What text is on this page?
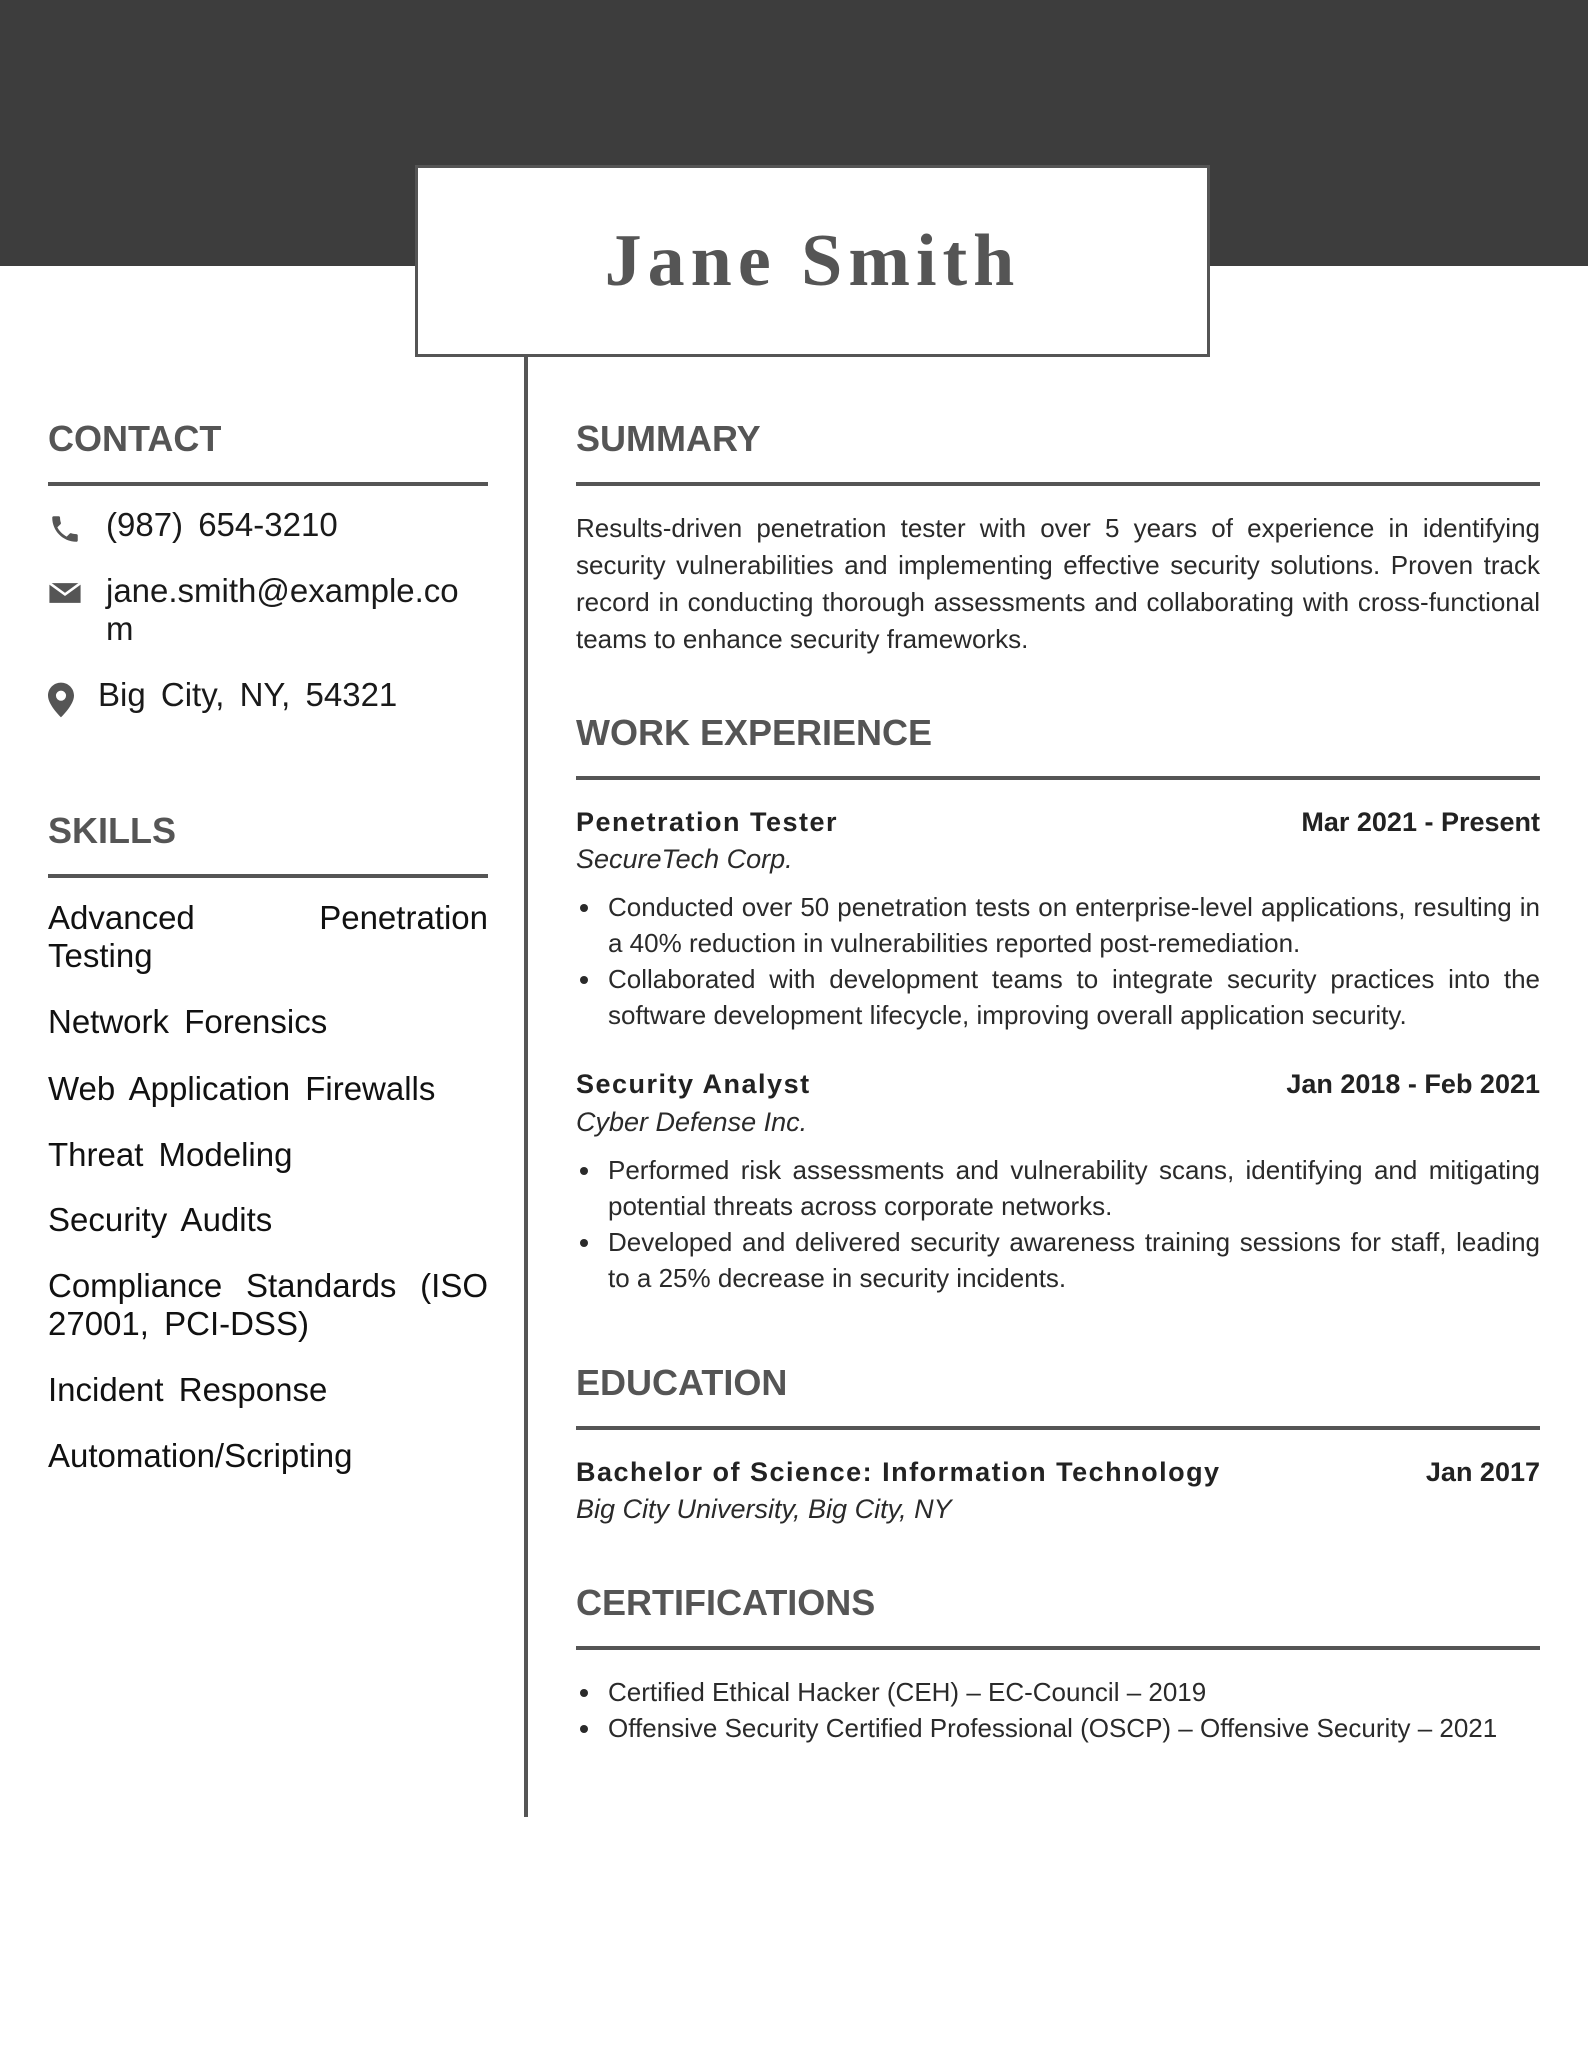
Jane Smith
CONTACT
(987) 654-3210
jane.smith@example.com
Big City, NY, 54321
SKILLS
Advanced Penetration Testing
Network Forensics
Web Application Firewalls
Threat Modeling
Security Audits
Compliance Standards (ISO 27001, PCI-DSS)
Incident Response
Automation/Scripting
SUMMARY
Results-driven penetration tester with over 5 years of experience in identifying security vulnerabilities and implementing effective security solutions. Proven track record in conducting thorough assessments and collaborating with cross-functional teams to enhance security frameworks.
WORK EXPERIENCE
Penetration Tester	Mar 2021 - Present
SecureTech Corp.
Conducted over 50 penetration tests on enterprise-level applications, resulting in a 40% reduction in vulnerabilities reported post-remediation.
Collaborated with development teams to integrate security practices into the software development lifecycle, improving overall application security.
Security Analyst	Jan 2018 - Feb 2021
Cyber Defense Inc.
Performed risk assessments and vulnerability scans, identifying and mitigating potential threats across corporate networks.
Developed and delivered security awareness training sessions for staff, leading to a 25% decrease in security incidents.
EDUCATION
Bachelor of Science: Information Technology	Jan 2017
Big City University, Big City, NY
CERTIFICATIONS
Certified Ethical Hacker (CEH) – EC-Council – 2019
Offensive Security Certified Professional (OSCP) – Offensive Security – 2021
